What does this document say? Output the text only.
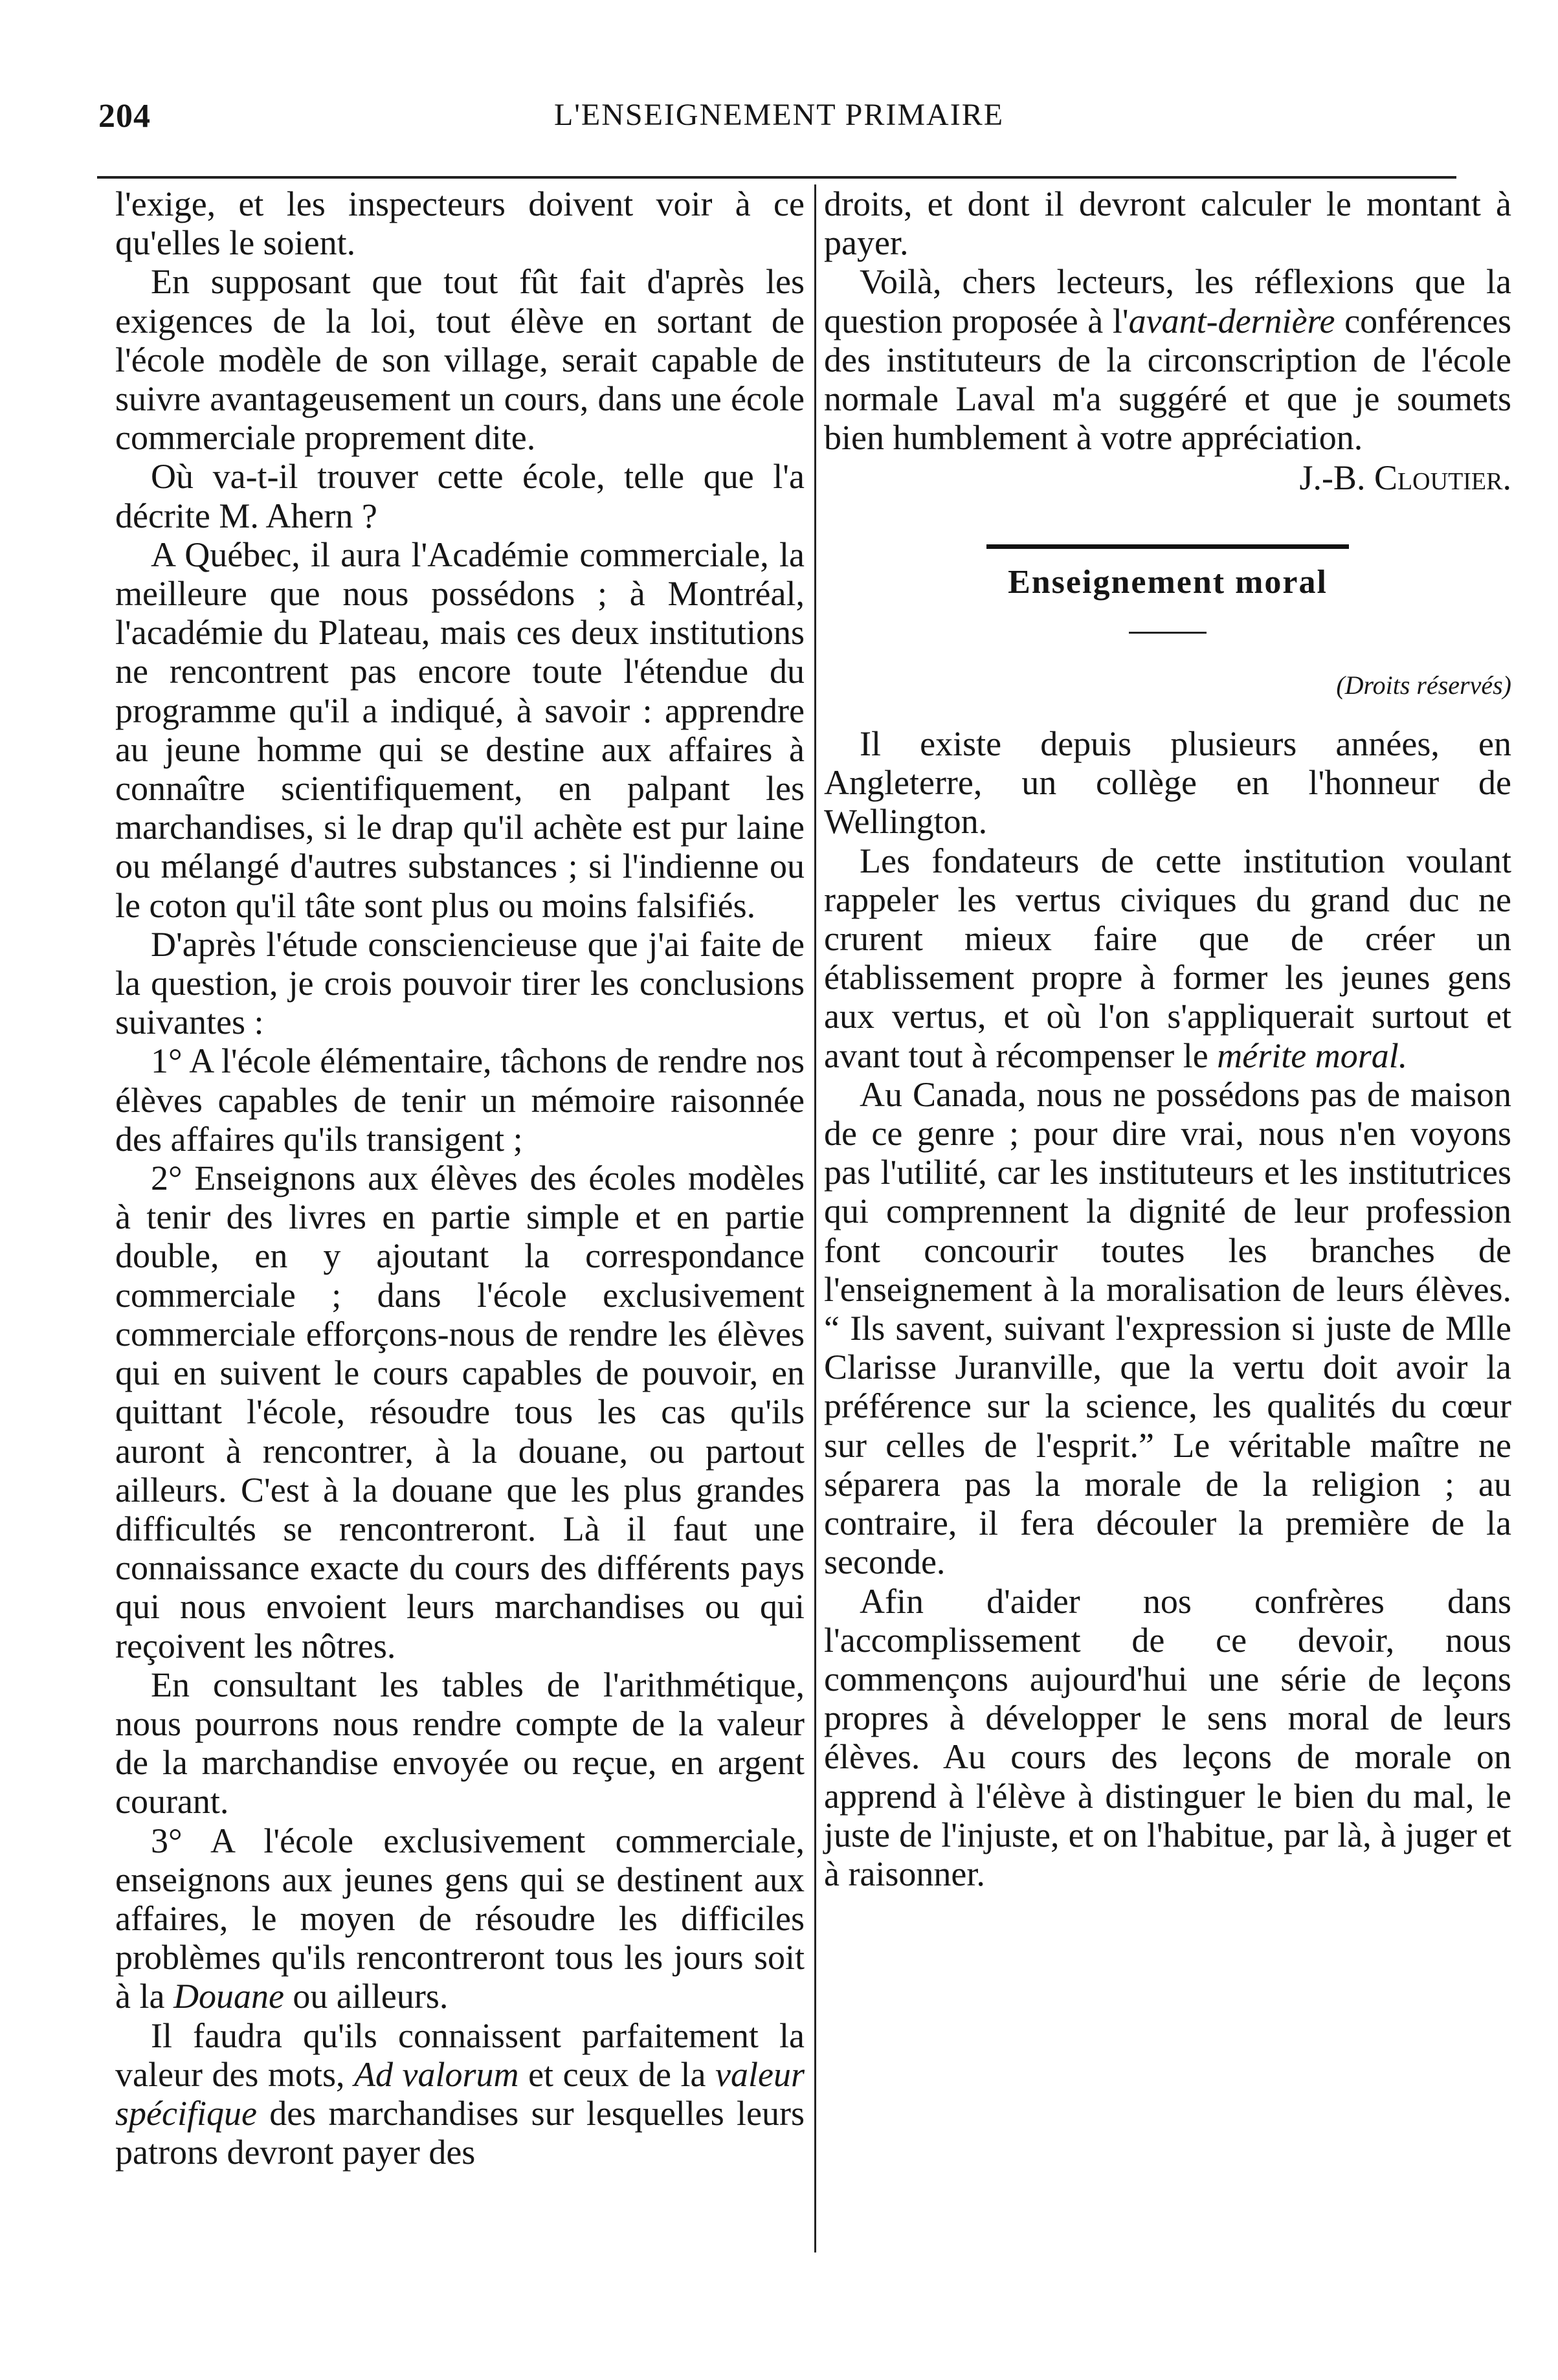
204	L'ENSEIGNEMENT PRIMAIRE

l'exige, et les inspecteurs doivent voir à ce qu'elles le soient.

En supposant que tout fût fait d'après les exigences de la loi, tout élève en sortant de l'école modèle de son village, serait capable de suivre avantageusement un cours, dans une école commerciale proprement dite.

Où va-t-il trouver cette école, telle que l'a décrite M. Ahern ?

A Québec, il aura l'Académie commerciale, la meilleure que nous possédons ; à Montréal, l'académie du Plateau, mais ces deux institutions ne rencontrent pas encore toute l'étendue du programme qu'il a indiqué, à savoir : apprendre au jeune homme qui se destine aux affaires à connaître scientifiquement, en palpant les marchandises, si le drap qu'il achète est pur laine ou mélangé d'autres substances ; si l'indienne ou le coton qu'il tâte sont plus ou moins falsifiés.

D'après l'étude consciencieuse que j'ai faite de la question, je crois pouvoir tirer les conclusions suivantes :

1° A l'école élémentaire, tâchons de rendre nos élèves capables de tenir un mémoire raisonnée des affaires qu'ils transigent ;

2° Enseignons aux élèves des écoles modèles à tenir des livres en partie simple et en partie double, en y ajoutant la correspondance commerciale ; dans l'école exclusivement commerciale efforçons-nous de rendre les élèves qui en suivent le cours capables de pouvoir, en quittant l'école, résoudre tous les cas qu'ils auront à rencontrer, à la douane, ou partout ailleurs. C'est à la douane que les plus grandes difficultés se rencontreront. Là il faut une connaissance exacte du cours des différents pays qui nous envoient leurs marchandises ou qui reçoivent les nôtres.

En consultant les tables de l'arithmétique, nous pourrons nous rendre compte de la valeur de la marchandise envoyée ou reçue, en argent courant.

3° A l'école exclusivement commerciale, enseignons aux jeunes gens qui se destinent aux affaires, le moyen de résoudre les difficiles problèmes qu'ils rencontreront tous les jours soit à la Douane ou ailleurs.

Il faudra qu'ils connaissent parfaitement la valeur des mots, Ad valorum et ceux de la valeur spécifique des marchandises sur lesquelles leurs patrons devront payer des

droits, et dont il devront calculer le montant à payer.

Voilà, chers lecteurs, les réflexions que la question proposée à l'avant-dernière conférences des instituteurs de la circonscription de l'école normale Laval m'a suggéré et que je soumets bien humblement à votre appréciation.

J.-B. Cloutier.

Enseignement moral
(Droits réservés)

Il existe depuis plusieurs années, en Angleterre, un collège en l'honneur de Wellington.

Les fondateurs de cette institution voulant rappeler les vertus civiques du grand duc ne crurent mieux faire que de créer un établissement propre à former les jeunes gens aux vertus, et où l'on s'appliquerait surtout et avant tout à récompenser le mérite moral.

Au Canada, nous ne possédons pas de maison de ce genre ; pour dire vrai, nous n'en voyons pas l'utilité, car les instituteurs et les institutrices qui comprennent la dignité de leur profession font concourir toutes les branches de l'enseignement à la moralisation de leurs élèves. “ Ils savent, suivant l'expression si juste de Mlle Clarisse Juranville, que la vertu doit avoir la préférence sur la science, les qualités du cœur sur celles de l'esprit.” Le véritable maître ne séparera pas la morale de la religion ; au contraire, il fera découler la première de la seconde.

Afin d'aider nos confrères dans l'accomplissement de ce devoir, nous commençons aujourd'hui une série de leçons propres à développer le sens moral de leurs élèves. Au cours des leçons de morale on apprend à l'élève à distinguer le bien du mal, le juste de l'injuste, et on l'habitue, par là, à juger et à raisonner.
